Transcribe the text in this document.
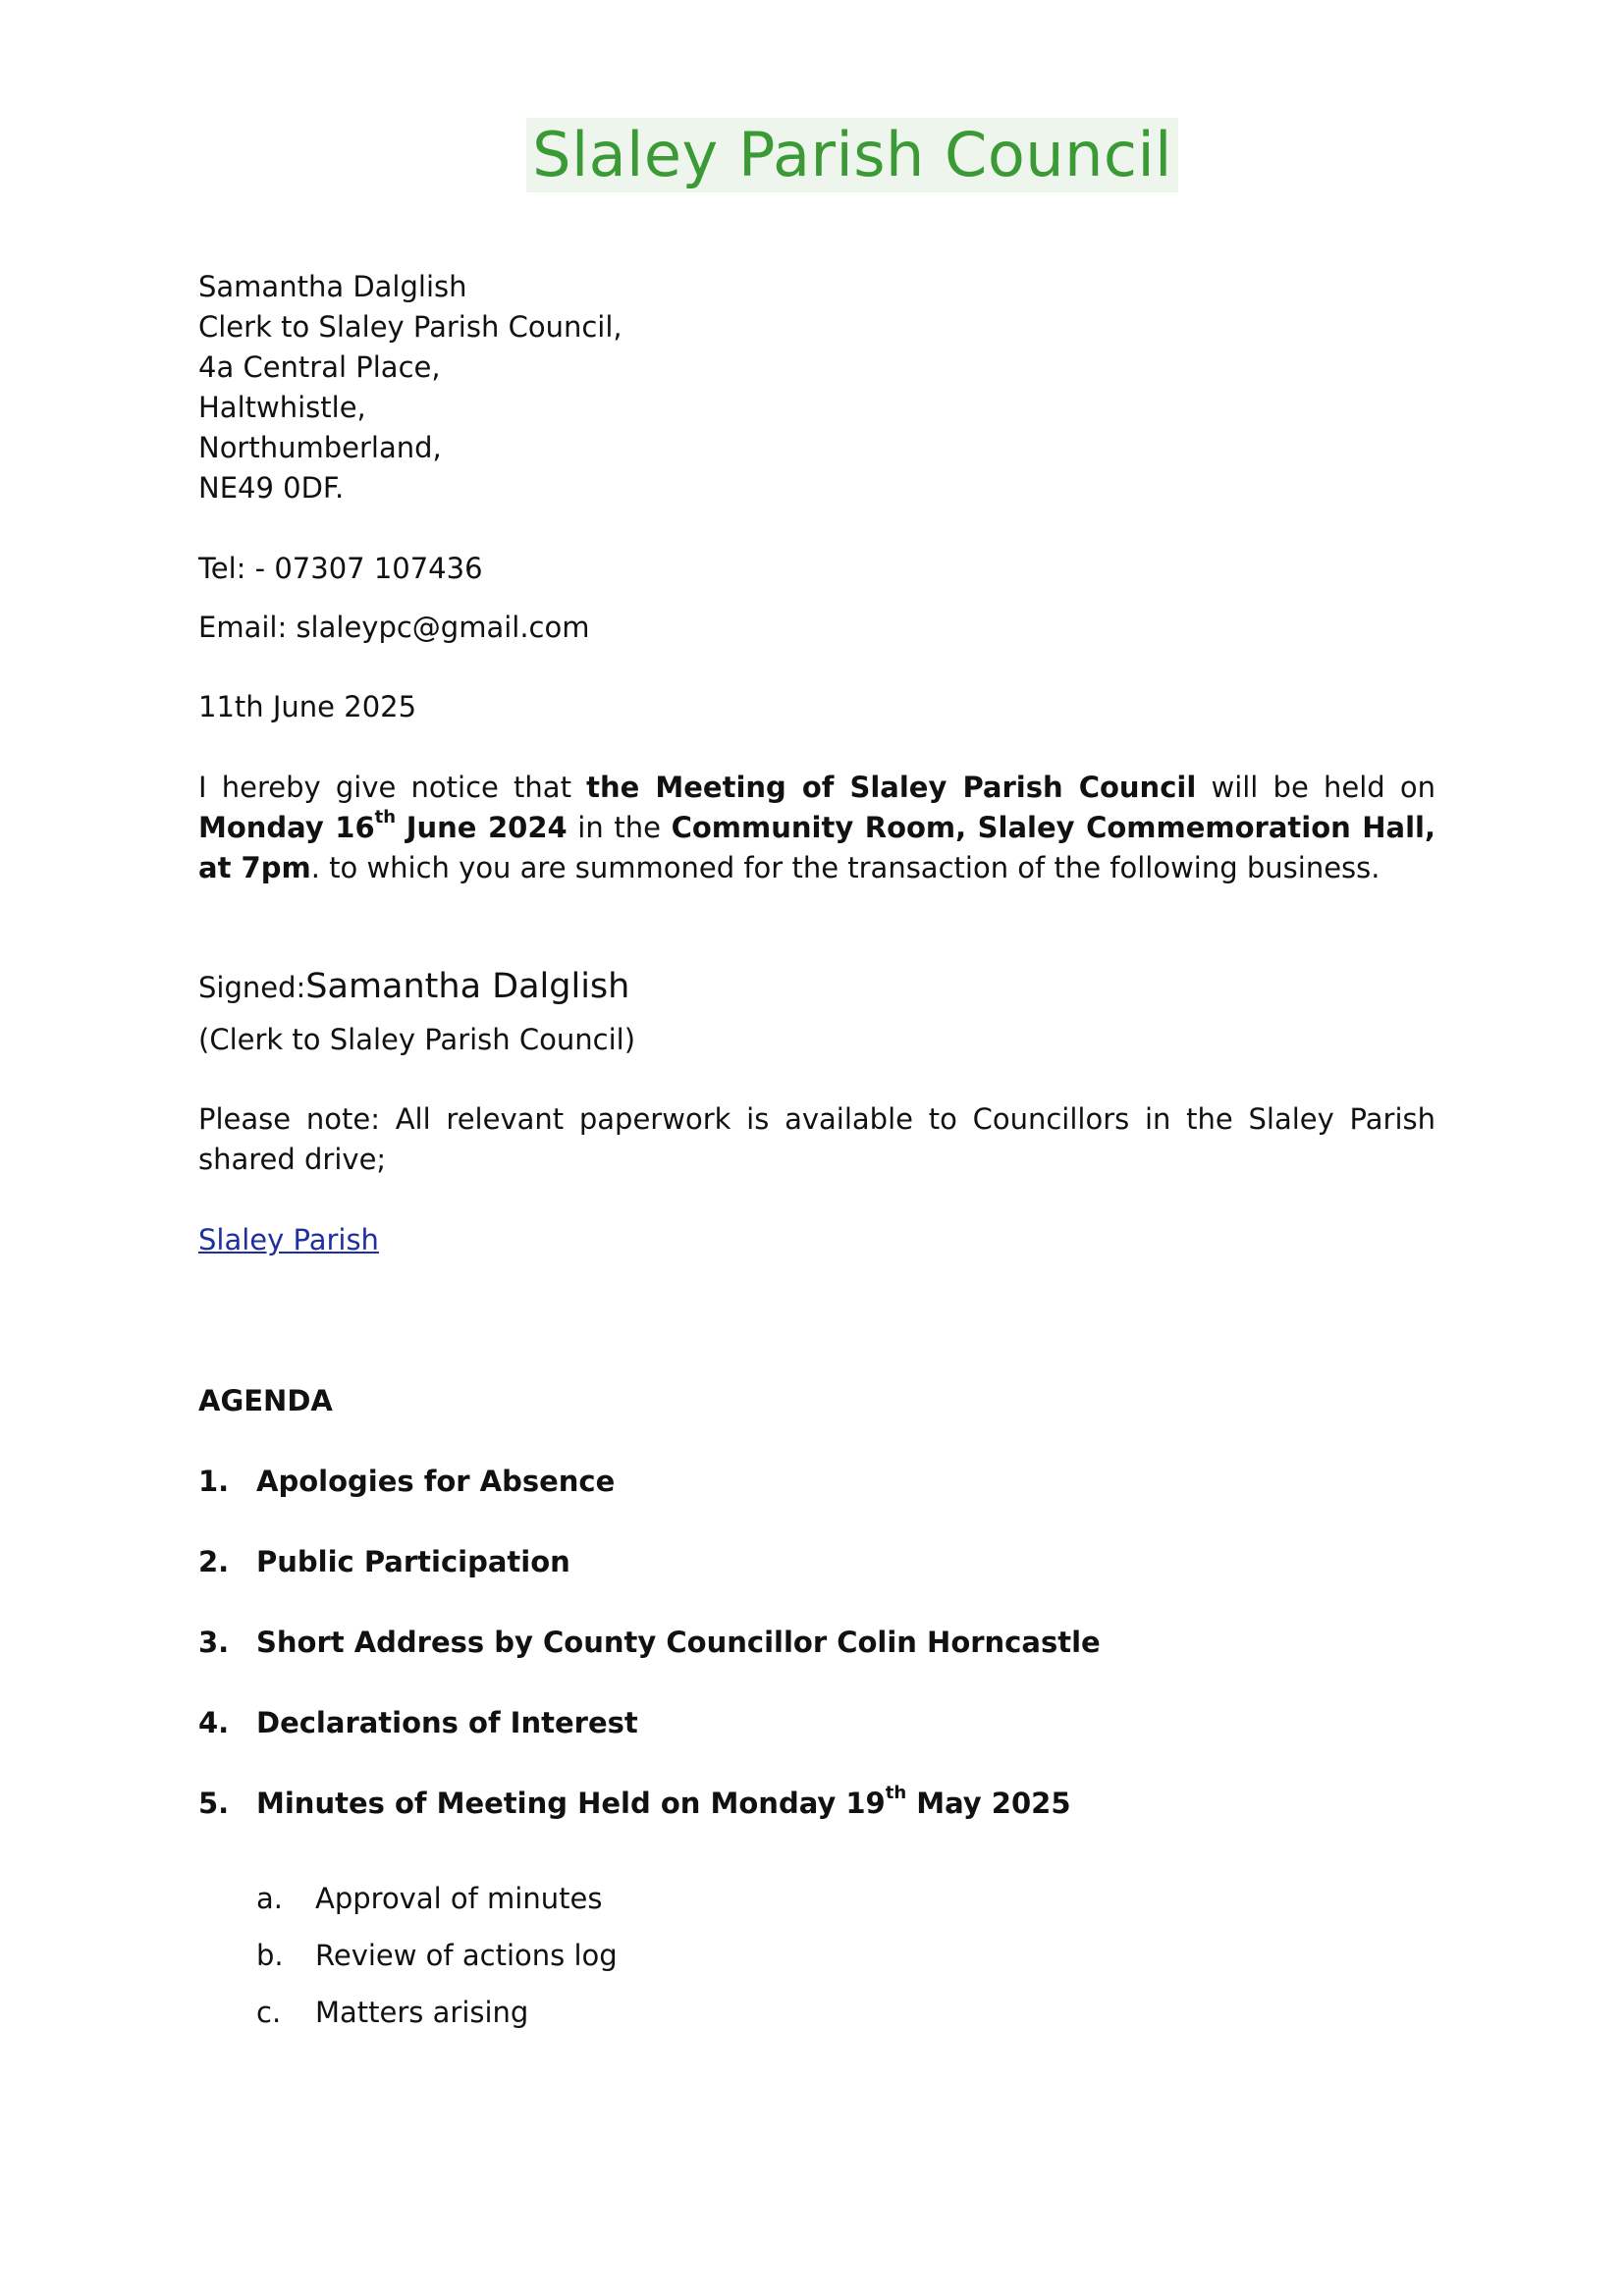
Slaley Parish Council
Samantha Dalglish
Clerk to Slaley Parish Council,
4a Central Place,
Haltwhistle,
Northumberland,
NE49 0DF.
Tel: - 07307 107436
Email: slaleypc@gmail.com
11th June 2025
I hereby give notice that the Meeting of Slaley Parish Council will be held on Monday 16th June 2024 in the Community Room, Slaley Commemoration Hall, at 7pm. to which you are summoned for the transaction of the following business.
Signed:Samantha Dalglish
(Clerk to Slaley Parish Council)
Please note: All relevant paperwork is available to Councillors in the Slaley Parish shared drive;
Slaley Parish
AGENDA
1. Apologies for Absence
2. Public Participation
3. Short Address by County Councillor Colin Horncastle
4. Declarations of Interest
5. Minutes of Meeting Held on Monday 19th May 2025
a. Approval of minutes
b. Review of actions log
c. Matters arising
